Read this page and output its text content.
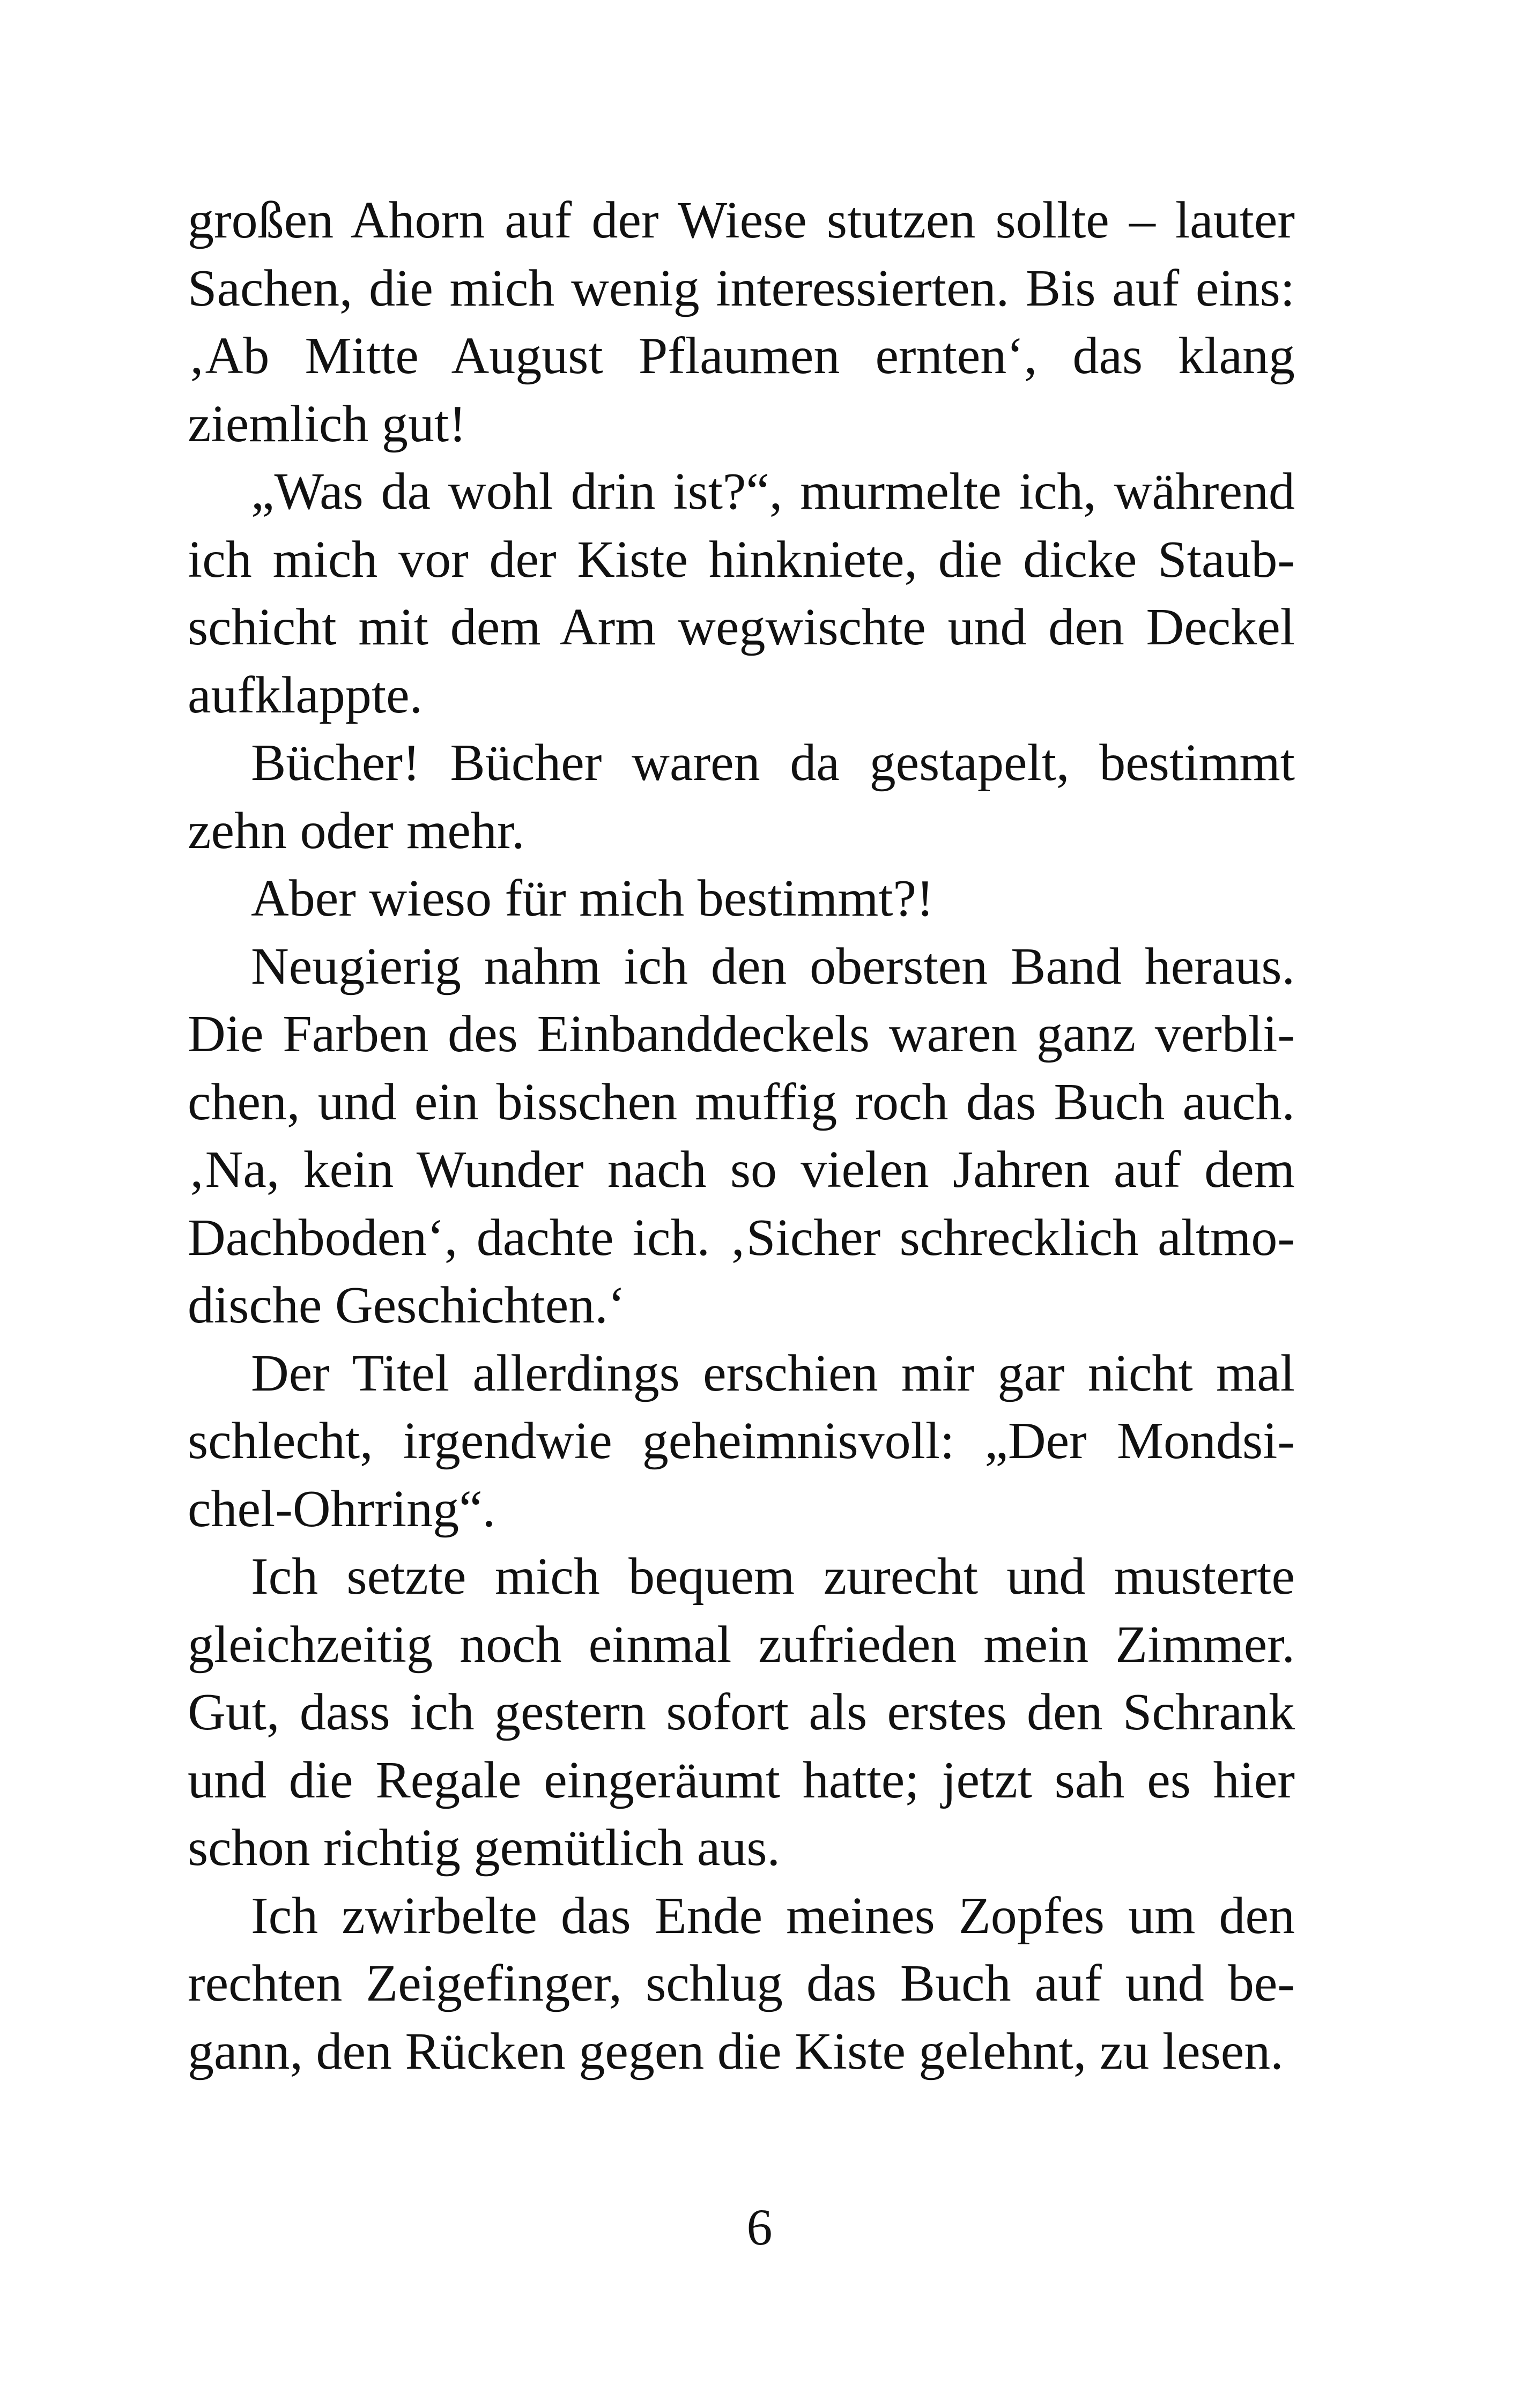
großen Ahorn auf der Wiese stutzen sollte – lauter
Sachen, die mich wenig interessierten. Bis auf eins:
‚Ab Mitte August Pflaumen ernten‘, das klang
ziemlich gut!
„Was da wohl drin ist?“, murmelte ich, während
ich mich vor der Kiste hinkniete, die dicke Staub-
schicht mit dem Arm wegwischte und den Deckel
aufklappte.
Bücher! Bücher waren da gestapelt, bestimmt
zehn oder mehr.
Aber wieso für mich bestimmt?!
Neugierig nahm ich den obersten Band heraus.
Die Farben des Einbanddeckels waren ganz verbli-
chen, und ein bisschen muffig roch das Buch auch.
‚Na, kein Wunder nach so vielen Jahren auf dem
Dachboden‘, dachte ich. ‚Sicher schrecklich altmo-
dische Geschichten.‘
Der Titel allerdings erschien mir gar nicht mal
schlecht, irgendwie geheimnisvoll: „Der Mondsi-
chel-Ohrring“.
Ich setzte mich bequem zurecht und musterte
gleichzeitig noch einmal zufrieden mein Zimmer.
Gut, dass ich gestern sofort als erstes den Schrank
und die Regale eingeräumt hatte; jetzt sah es hier
schon richtig gemütlich aus.
Ich zwirbelte das Ende meines Zopfes um den
rechten Zeigefinger, schlug das Buch auf und be-
gann, den Rücken gegen die Kiste gelehnt, zu lesen.
6
